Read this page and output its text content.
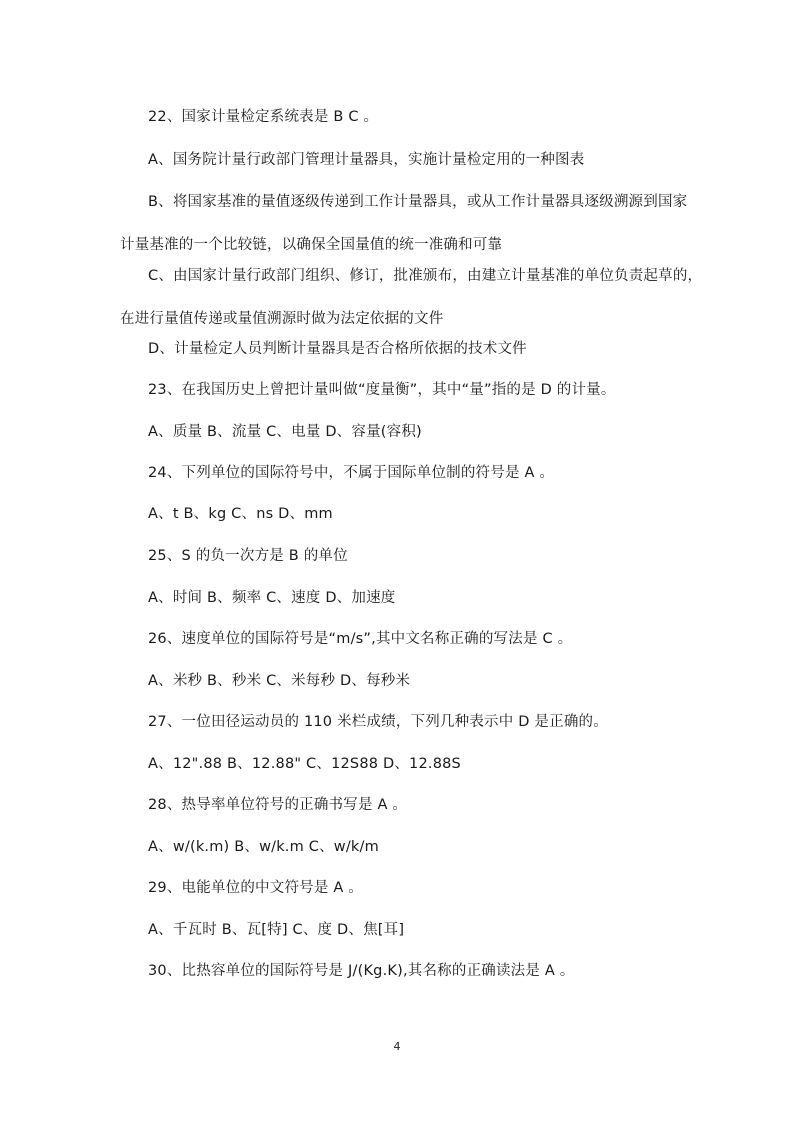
22、国家计量检定系统表是 B C 。
A、国务院计量行政部门管理计量器具，实施计量检定用的一种图表
B、将国家基准的量值逐级传递到工作计量器具，或从工作计量器具逐级溯源到国家
计量基准的一个比较链，以确保全国量值的统一准确和可靠
C、由国家计量行政部门组织、修订，批准颁布，由建立计量基准的单位负责起草的，
在进行量值传递或量值溯源时做为法定依据的文件
D、计量检定人员判断计量器具是否合格所依据的技术文件
23、在我国历史上曾把计量叫做“度量衡”，其中“量”指的是 D 的计量。
A、质量 B、流量 C、电量 D、容量(容积)
24、下列单位的国际符号中，不属于国际单位制的符号是 A 。
A、t B、kg C、ns D、mm
25、S 的负一次方是 B 的单位
A、时间 B、频率 C、速度 D、加速度
26、速度单位的国际符号是“m/s”,其中文名称正确的写法是 C 。
A、米秒 B、秒米 C、米每秒 D、每秒米
27、一位田径运动员的 110 米栏成绩，下列几种表示中 D 是正确的。
A、12".88 B、12.88" C、12S88 D、12.88S
28、热导率单位符号的正确书写是 A 。
A、w/(k.m) B、w/k.m C、w/k/m
29、电能单位的中文符号是 A 。
A、千瓦时 B、瓦[特] C、度 D、焦[耳]
30、比热容单位的国际符号是 J/(Kg.K),其名称的正确读法是 A 。
4
